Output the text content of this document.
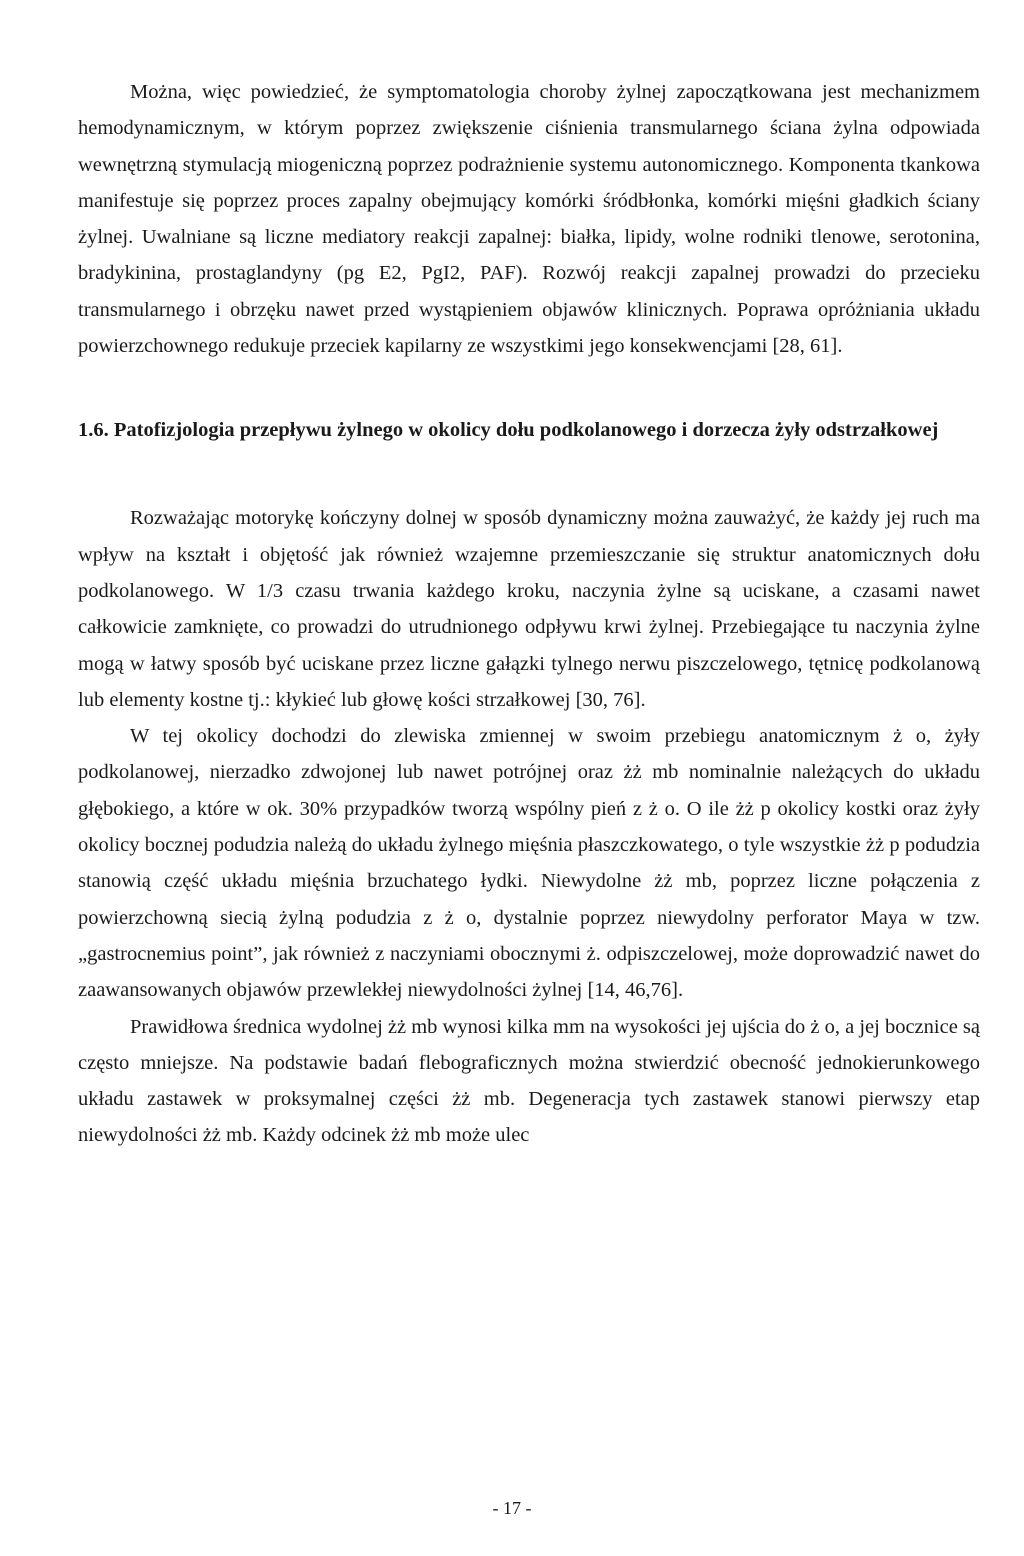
Można, więc powiedzieć, że symptomatologia choroby żylnej zapoczątkowana jest mechanizmem hemodynamicznym, w którym poprzez zwiększenie ciśnienia transmularnego ściana żylna odpowiada wewnętrzną stymulacją miogeniczną poprzez podrażnienie systemu autonomicznego. Komponenta tkankowa manifestuje się poprzez proces zapalny obejmujący komórki śródbłonka, komórki mięśni gładkich ściany żylnej. Uwalniane są liczne mediatory reakcji zapalnej: białka, lipidy, wolne rodniki tlenowe, serotonina, bradykinina, prostaglandyny (pg E2, PgI2, PAF). Rozwój reakcji zapalnej prowadzi do przecieku transmularnego i obrzęku nawet przed wystąpieniem objawów klinicznych. Poprawa opróżniania układu powierzchownego redukuje przeciek kapilarny ze wszystkimi jego konsekwencjami [28, 61].

1.6. Patofizjologia przepływu żylnego w okolicy dołu podkolanowego i dorzecza żyły odstrzałkowej

Rozważając motorykę kończyny dolnej w sposób dynamiczny można zauważyć, że każdy jej ruch ma wpływ na kształt i objętość jak również wzajemne przemieszczanie się struktur anatomicznych dołu podkolanowego. W 1/3 czasu trwania każdego kroku, naczynia żylne są uciskane, a czasami nawet całkowicie zamknięte, co prowadzi do utrudnionego odpływu krwi żylnej. Przebiegające tu naczynia żylne mogą w łatwy sposób być uciskane przez liczne gałązki tylnego nerwu piszczelowego, tętnicę podkolanową lub elementy kostne tj.: kłykieć lub głowę kości strzałkowej [30, 76].

W tej okolicy dochodzi do zlewiska zmiennej w swoim przebiegu anatomicznym ż o, żyły podkolanowej, nierzadko zdwojonej lub nawet potrójnej oraz żż mb nominalnie należących do układu głębokiego, a które w ok. 30% przypadków tworzą wspólny pień z ż o. O ile żż p okolicy kostki oraz żyły okolicy bocznej podudzia należą do układu żylnego mięśnia płaszczkowatego, o tyle wszystkie żż p podudzia stanowią część układu mięśnia brzuchatego łydki. Niewydolne żż mb, poprzez liczne połączenia z powierzchowną siecią żylną podudzia z ż o, dystalnie poprzez niewydolny perforator Maya w tzw. „gastrocnemius point”, jak również z naczyniami obocznymi ż. odpiszczelowej, może doprowadzić nawet do zaawansowanych objawów przewlekłej niewydolności żylnej [14, 46,76].

Prawidłowa średnica wydolnej żż mb wynosi kilka mm na wysokości jej ujścia do ż o, a jej bocznice są często mniejsze. Na podstawie badań flebograficznych można stwierdzić obecność jednokierunkowego układu zastawek w proksymalnej części żż mb. Degeneracja tych zastawek stanowi pierwszy etap niewydolności żż mb. Każdy odcinek żż mb może ulec

- 17 -
